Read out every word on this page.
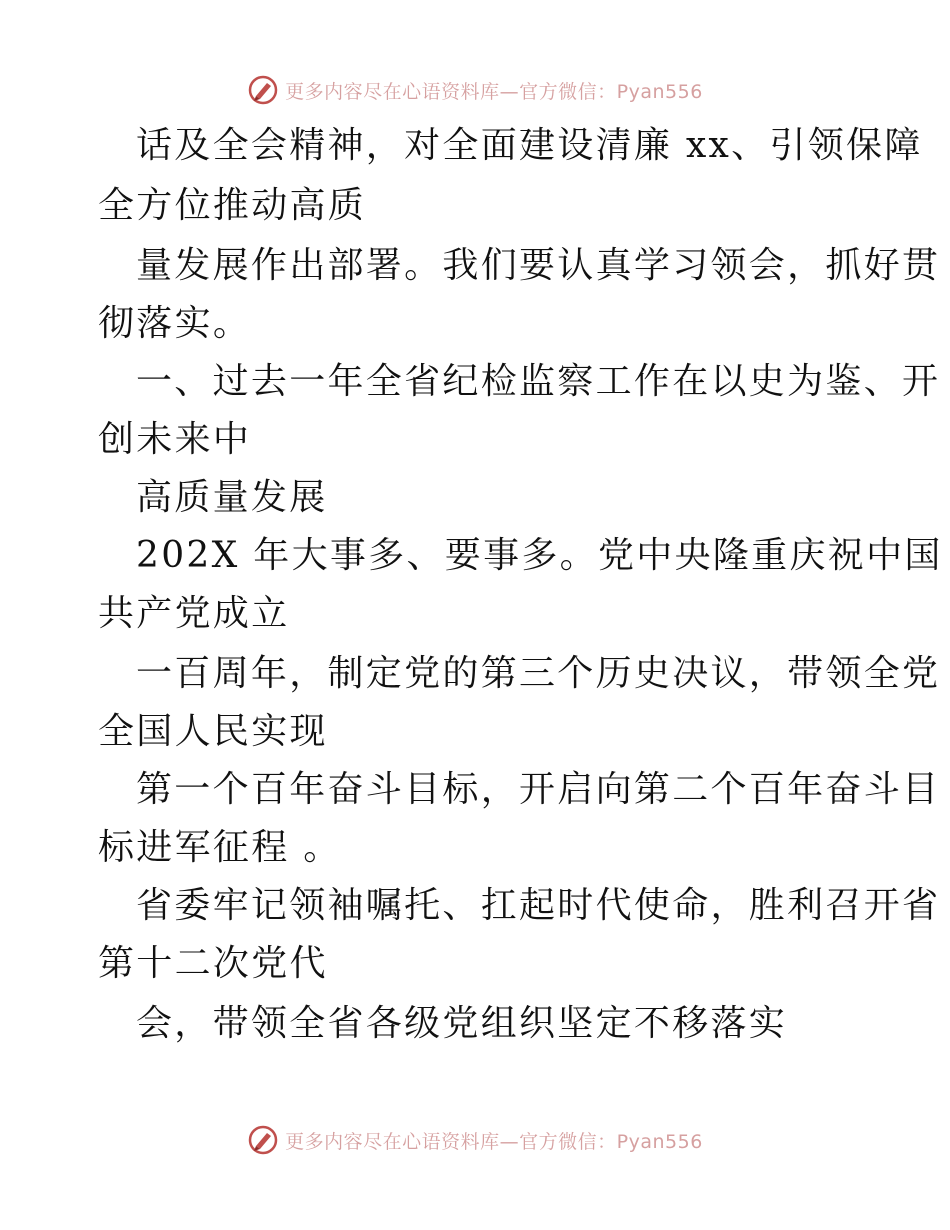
更多内容尽在心语资料库—官方微信：Pyan556
话及全会精神，对全面建设清廉 xx、引领保障
全方位推动高质
量发展作出部署。我们要认真学习领会，抓好贯
彻落实。
一、过去一年全省纪检监察工作在以史为鉴、开
创未来中
高质量发展
202X 年大事多、要事多。党中央隆重庆祝中国
共产党成立
一百周年，制定党的第三个历史决议，带领全党
全国人民实现
第一个百年奋斗目标，开启向第二个百年奋斗目
标进军征程 。
省委牢记领袖嘱托、扛起时代使命，胜利召开省
第十二次党代
会，带领全省各级党组织坚定不移落实
更多内容尽在心语资料库—官方微信：Pyan556
